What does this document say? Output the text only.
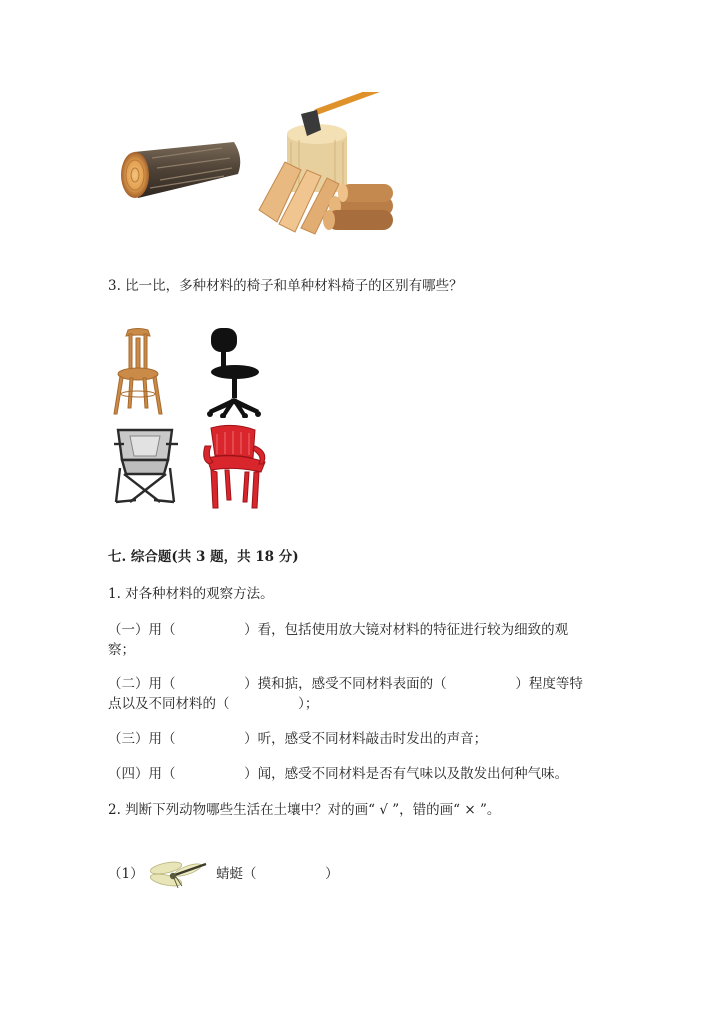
3. 比一比，多种材料的椅子和单种材料椅子的区别有哪些？
七. 综合题(共 3 题，共 18 分)
1. 对各种材料的观察方法。
（一）用（                ）看，包括使用放大镜对材料的特征进行较为细致的观
察；
（二）用（                ）摸和掂，感受不同材料表面的（                ）程度等特
点以及不同材料的（                ）；
（三）用（                ）听，感受不同材料敲击时发出的声音；
（四）用（                ）闻，感受不同材料是否有气味以及散发出何种气味。
2. 判断下列动物哪些生活在土壤中？对的画“ √ ”，错的画“ × ”。
（1）	蜻蜓（                ）
